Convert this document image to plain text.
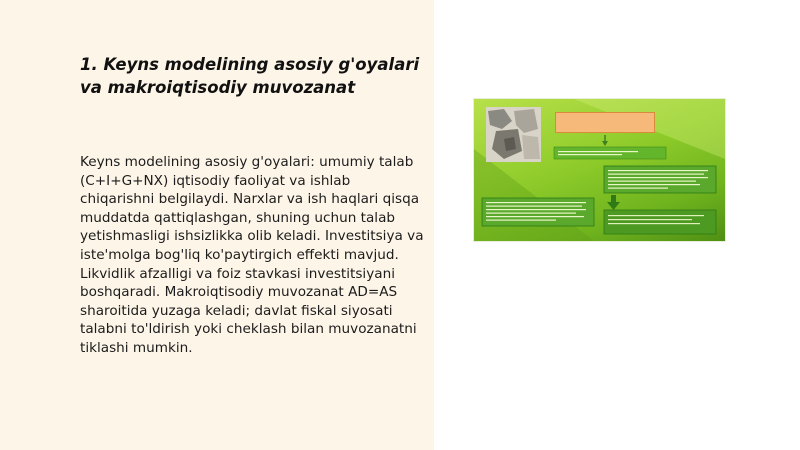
1. Keyns modelining asosiy g'oyalari va makroiqtisodiy muvozanat

Keyns modelining asosiy g'oyalari: umumiy talab (C+I+G+NX) iqtisodiy faoliyat va ishlab chiqarishni belgilaydi. Narxlar va ish haqlari qisqa muddatda qattiqlashgan, shuning uchun talab yetishmasligi ishsizlikka olib keladi. Investitsiya va iste'molga bog'liq ko'paytirgich effekti mavjud. Likvidlik afzalligi va foiz stavkasi investitsiyani boshqaradi. Makroiqtisodiy muvozanat AD=AS sharoitida yuzaga keladi; davlat fiskal siyosati talabni to'ldirish yoki cheklash bilan muvozanatni tiklashi mumkin.
